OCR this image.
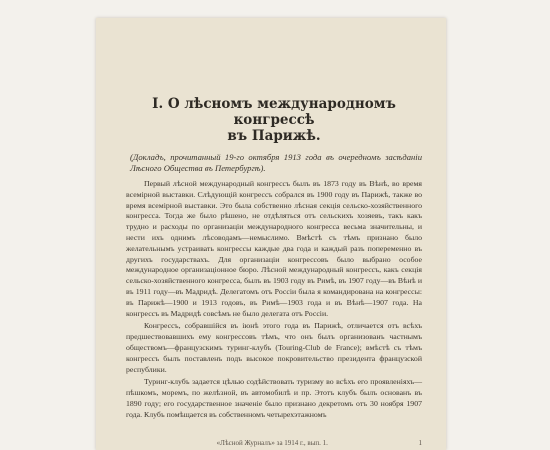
I. О лѣсномъ международномъ конгрессѣ
въ Парижѣ.

(Докладъ, прочитанный 19-го октября 1913 года въ очередномъ засѣданіи Лѣсного Общества въ Петербургѣ).

Первый лѣсной международный конгрессъ былъ въ 1873 году въ Вѣнѣ, во время всемірной выставки. Слѣдующій конгрессъ собрался въ 1900 году въ Парижѣ, также во время всемірной выставки. Это была собственно лѣсная секція сельско-хозяйственного конгресса. Тогда же было рѣшено, не отдѣляться отъ сельскихъ хозяевъ, такъ какъ трудно и расходы по организаціи международного конгресса весьма значительны, и нести ихъ однимъ лѣсоводамъ—немыслимо. Вмѣстѣ съ тѣмъ признано было желательнымъ устраивать конгрессы каждые два года и каждый разъ попеременно въ другихъ государствахъ. Для организаціи конгрессовъ было выбрано особое международное организаціонное бюро. Лѣсной международный конгрессъ, какъ секція сельско-хозяйственного конгресса, былъ въ 1903 году въ Римѣ, въ 1907 году—въ Вѣнѣ и въ 1911 году—въ Мадридѣ. Делегатомъ отъ Россіи была я командирована на конгрессы: въ Парижѣ—1900 и 1913 годовъ, въ Римѣ—1903 года и въ Вѣнѣ—1907 года. На конгрессъ въ Мадридѣ совсѣмъ не было делегата отъ Россіи.

Конгрессъ, собравшійся въ іюнѣ этого года въ Парижѣ, отличается отъ всѣхъ предшествовавшихъ ему конгрессовъ тѣмъ, что онъ былъ организованъ частнымъ обществомъ—французскимъ туринг-клубъ (Touring-Club de France); вмѣстѣ съ тѣмъ конгрессъ былъ поставленъ подъ высокое покровительство президента французской республики.

Туринг-клубъ задается цѣлью содѣйствовать туризму во всѣхъ его проявленіяхъ—пѣшкомъ, моремъ, по желѣзной, въ автомобилѣ и пр. Этотъ клубъ былъ основанъ въ 1890 году; его государственное значеніе было признано декретомъ отъ 30 ноября 1907 года. Клубъ помѣщается въ собственномъ четырехэтажномъ

«Лѣсной Журналъ» за 1914 г., вып. 1.	1
